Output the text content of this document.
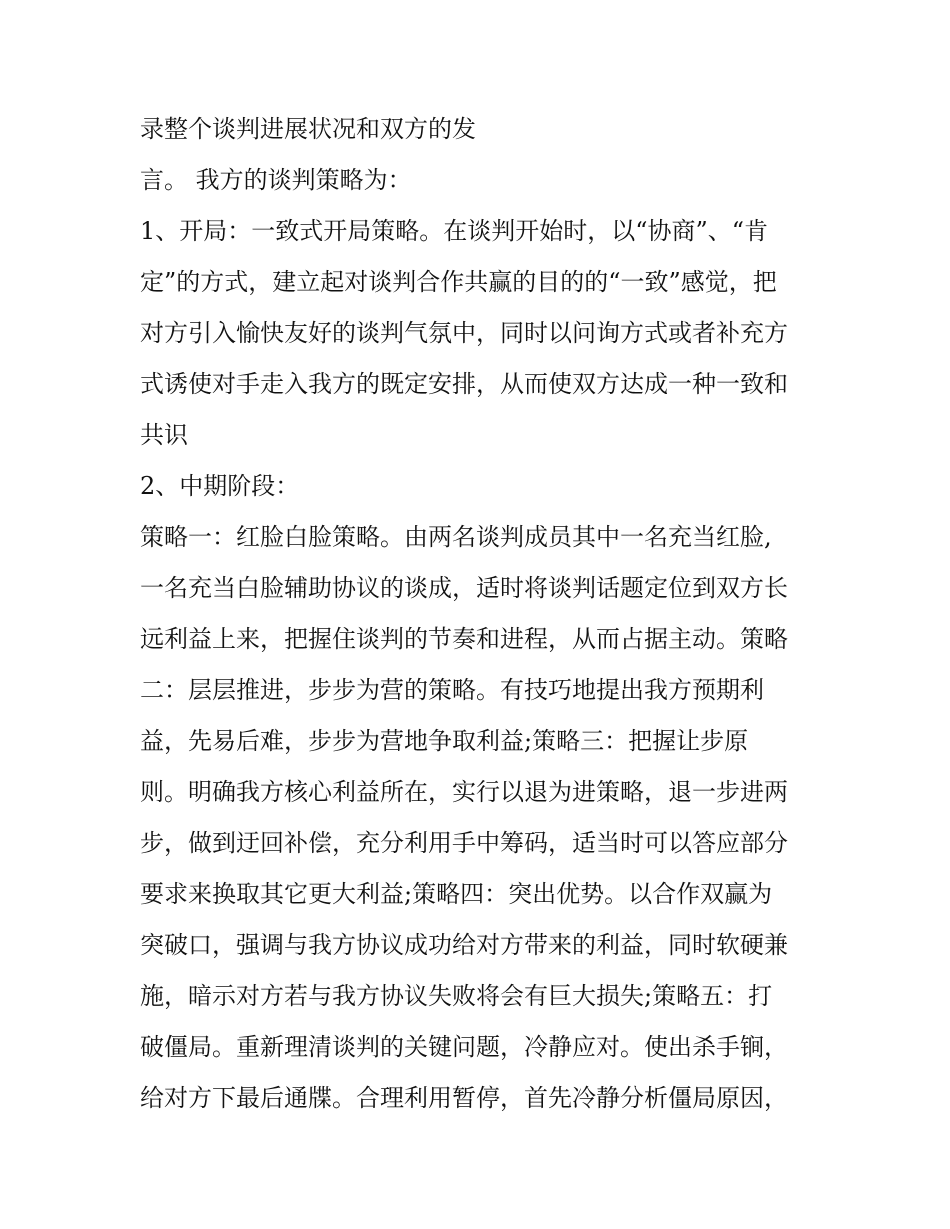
录整个谈判进展状况和双方的发
言。 我方的谈判策略为：
1、开局：一致式开局策略。在谈判开始时，以“协商”、“肯
定”的方式，建立起对谈判合作共赢的目的的“一致”感觉，把
对方引入愉快友好的谈判气氛中，同时以问询方式或者补充方
式诱使对手走入我方的既定安排，从而使双方达成一种一致和
共识
2、中期阶段：
策略一：红脸白脸策略。由两名谈判成员其中一名充当红脸,
一名充当白脸辅助协议的谈成，适时将谈判话题定位到双方长
远利益上来，把握住谈判的节奏和进程，从而占据主动。策略
二：层层推进，步步为营的策略。有技巧地提出我方预期利
益，先易后难，步步为营地争取利益;策略三：把握让步原
则。明确我方核心利益所在，实行以退为进策略，退一步进两
步，做到迂回补偿，充分利用手中筹码，适当时可以答应部分
要求来换取其它更大利益;策略四：突出优势。以合作双赢为
突破口，强调与我方协议成功给对方带来的利益，同时软硬兼
施，暗示对方若与我方协议失败将会有巨大损失;策略五：打
破僵局。重新理清谈判的关键问题，冷静应对。使出杀手锏，
给对方下最后通牒。合理利用暂停，首先冷静分析僵局原因，
